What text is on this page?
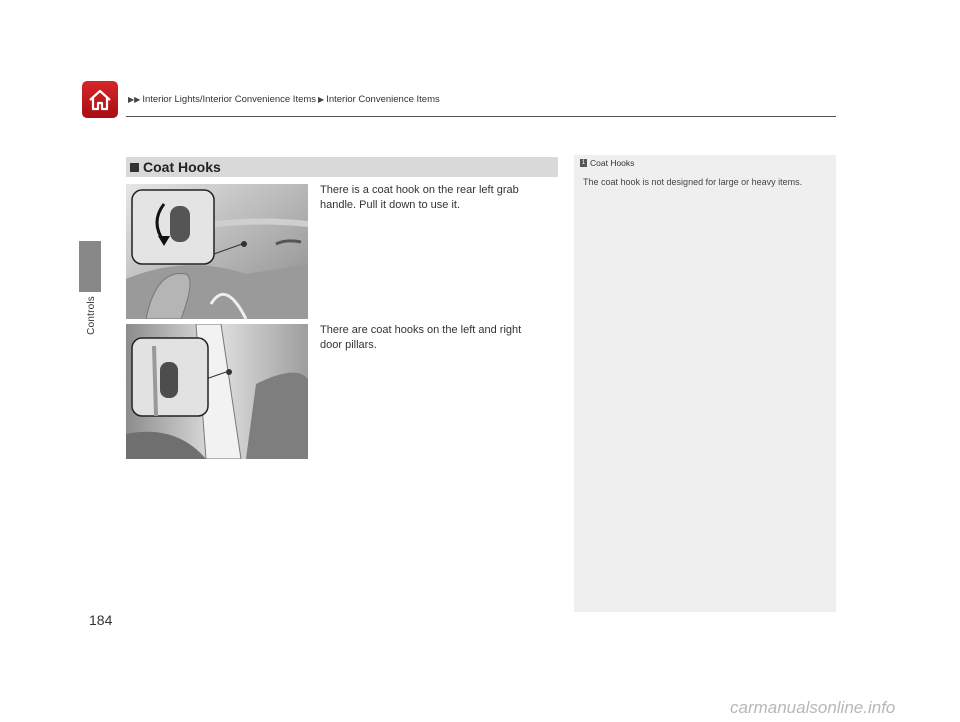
▶▶ Interior Lights/Interior Convenience Items ▶ Interior Convenience Items
Controls
Coat Hooks
There is a coat hook on the rear left grab handle. Pull it down to use it.
There are coat hooks on the left and right door pillars.
1 Coat Hooks
The coat hook is not designed for large or heavy items.
184
carmanualsonline.info
